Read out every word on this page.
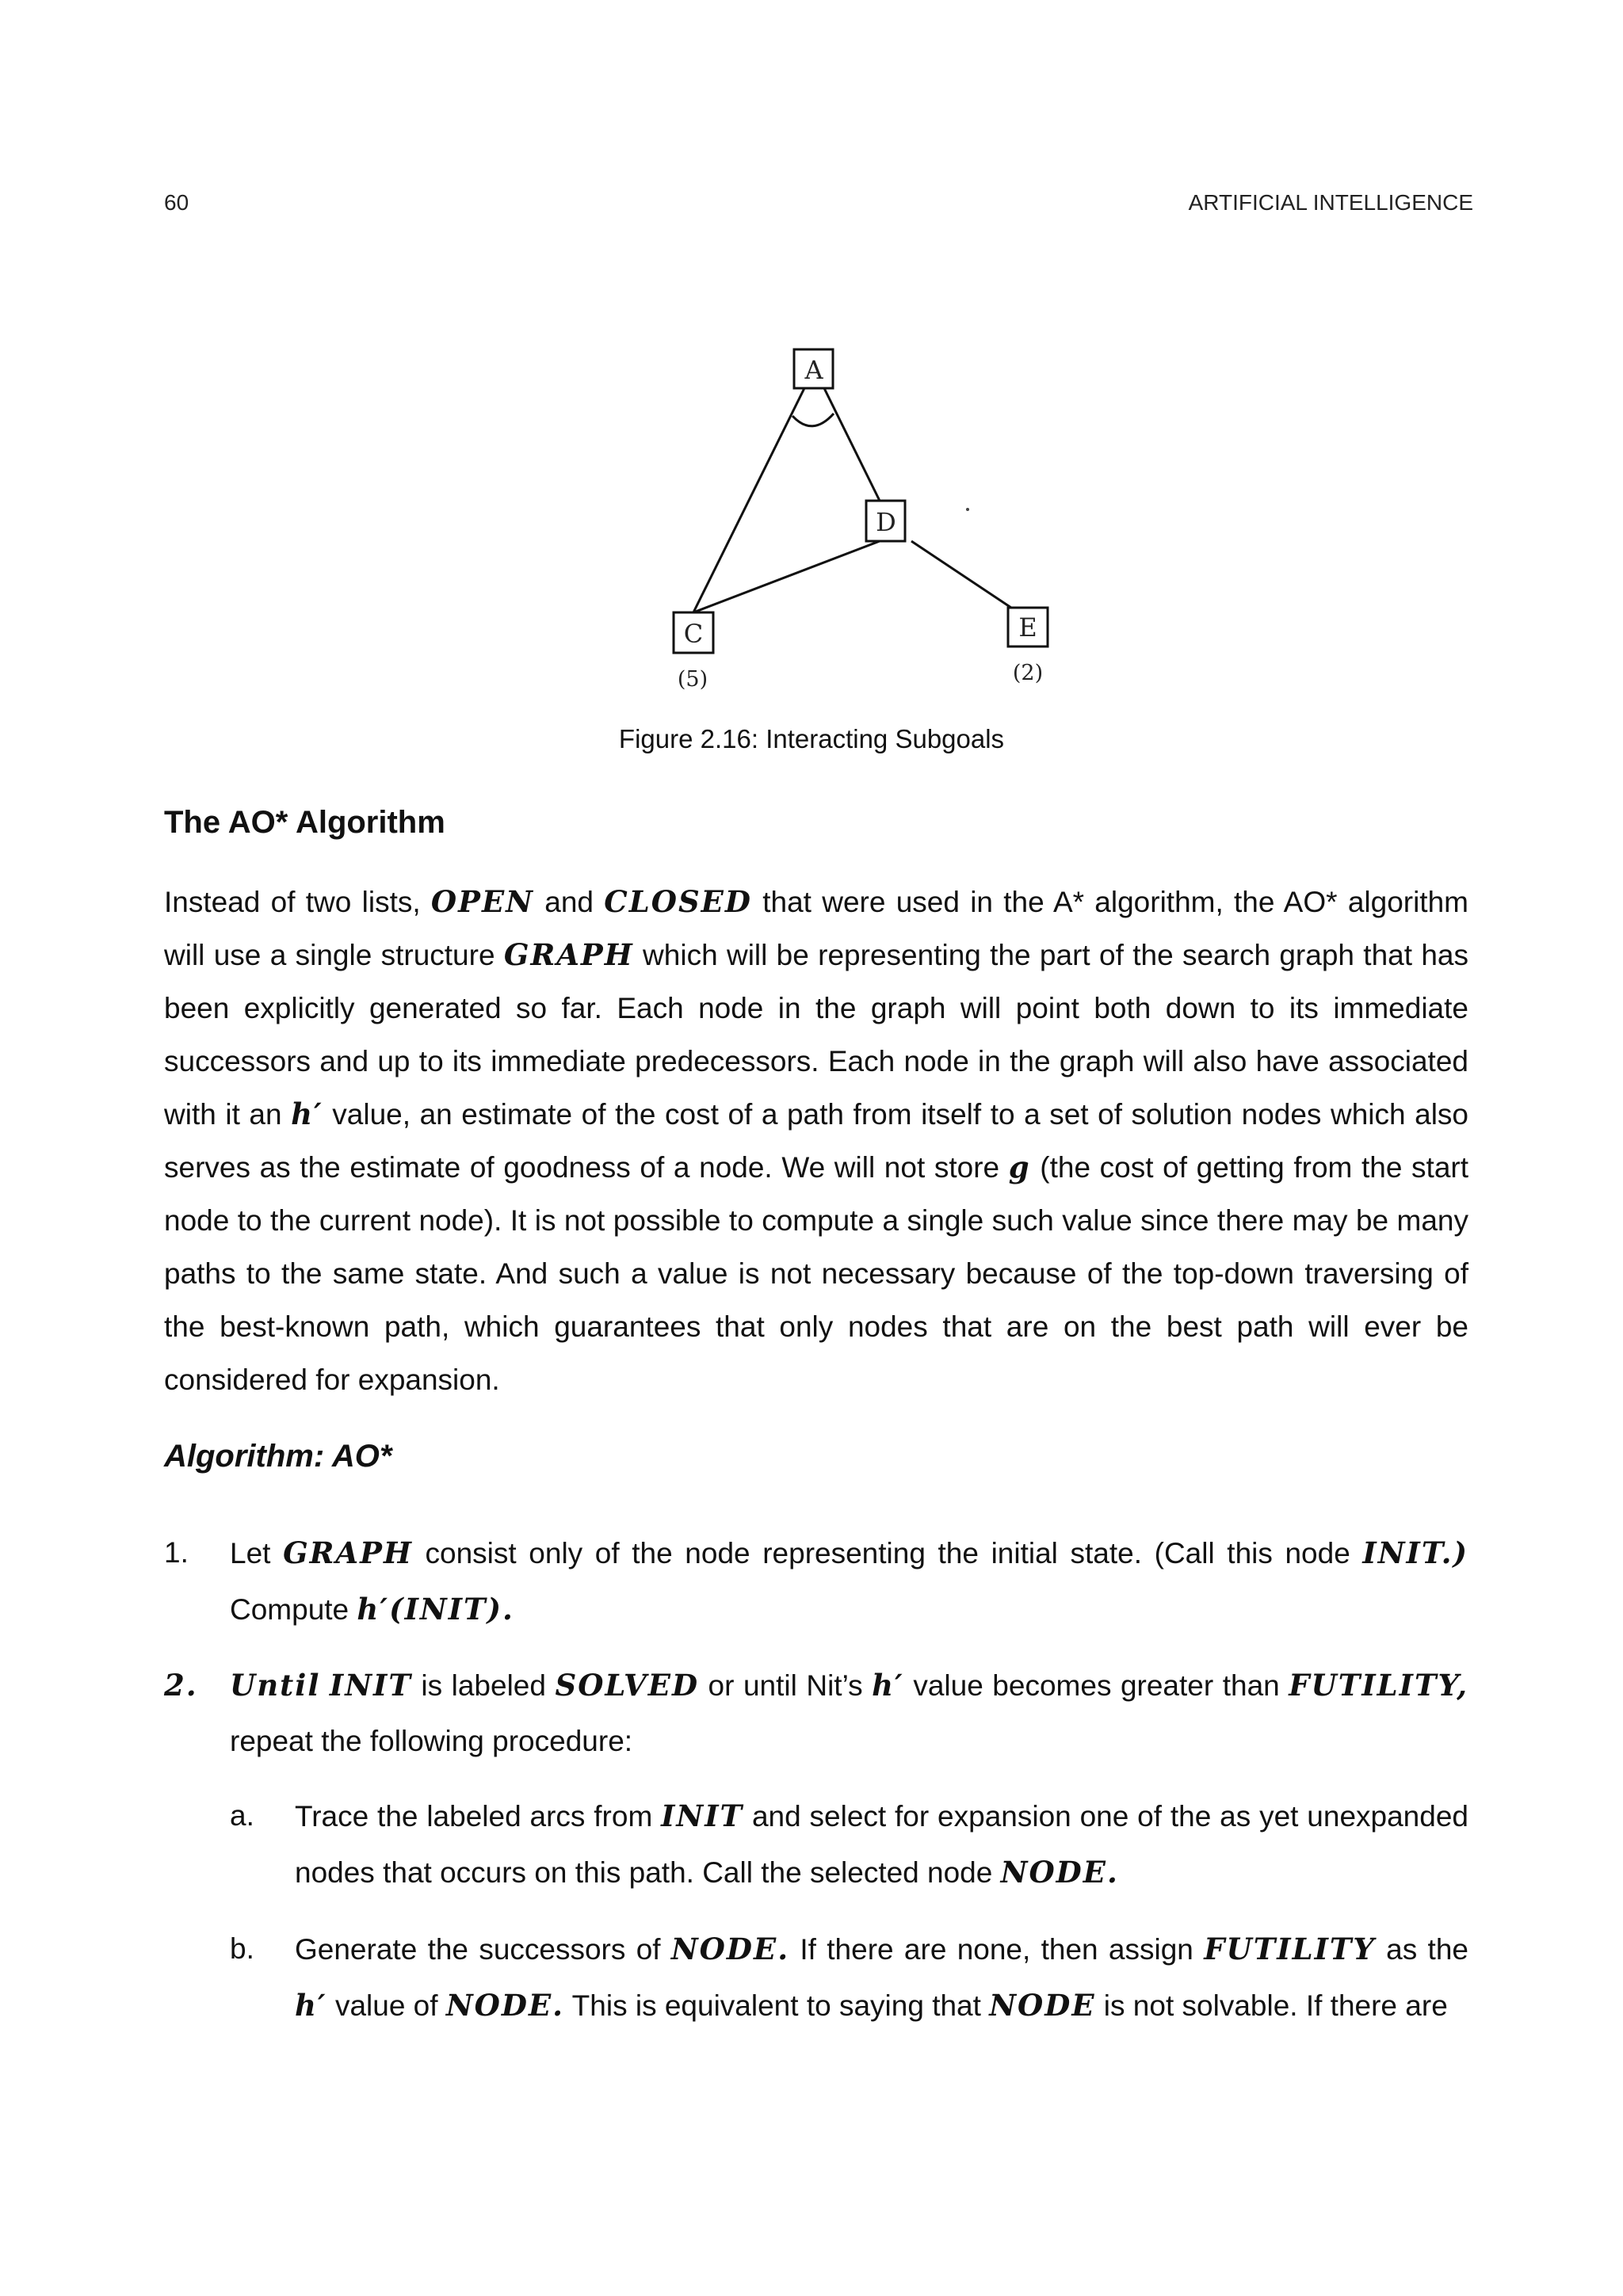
60	ARTIFICIAL INTELLIGENCE
A
D
C	E
(5)	(2)
Figure 2.16: Interacting Subgoals
The AO* Algorithm
Instead of two lists, OPEN and CLOSED that were used in the A* algorithm, the AO* algorithm will use a single structure GRAPH which will be representing the part of the search graph that has been explicitly generated so far. Each node in the graph will point both down to its immediate successors and up to its immediate predecessors. Each node in the graph will also have associated with it an h′ value, an estimate of the cost of a path from itself to a set of solution nodes which also serves as the estimate of goodness of a node. We will not store g (the cost of getting from the start node to the current node). It is not possible to compute a single such value since there may be many paths to the same state. And such a value is not necessary because of the top-down traversing of the best-known path, which guarantees that only nodes that are on the best path will ever be considered for expansion.
Algorithm: AO*
1. Let GRAPH consist only of the node representing the initial state. (Call this node INIT.) Compute h′(INIT).
2. Until INIT is labeled SOLVED or until Nit’s h′ value becomes greater than FUTILITY, repeat the following procedure:
a. Trace the labeled arcs from INIT and select for expansion one of the as yet unexpanded nodes that occurs on this path. Call the selected node NODE.
b. Generate the successors of NODE. If there are none, then assign FUTILITY as the h′ value of NODE. This is equivalent to saying that NODE is not solvable. If there are
